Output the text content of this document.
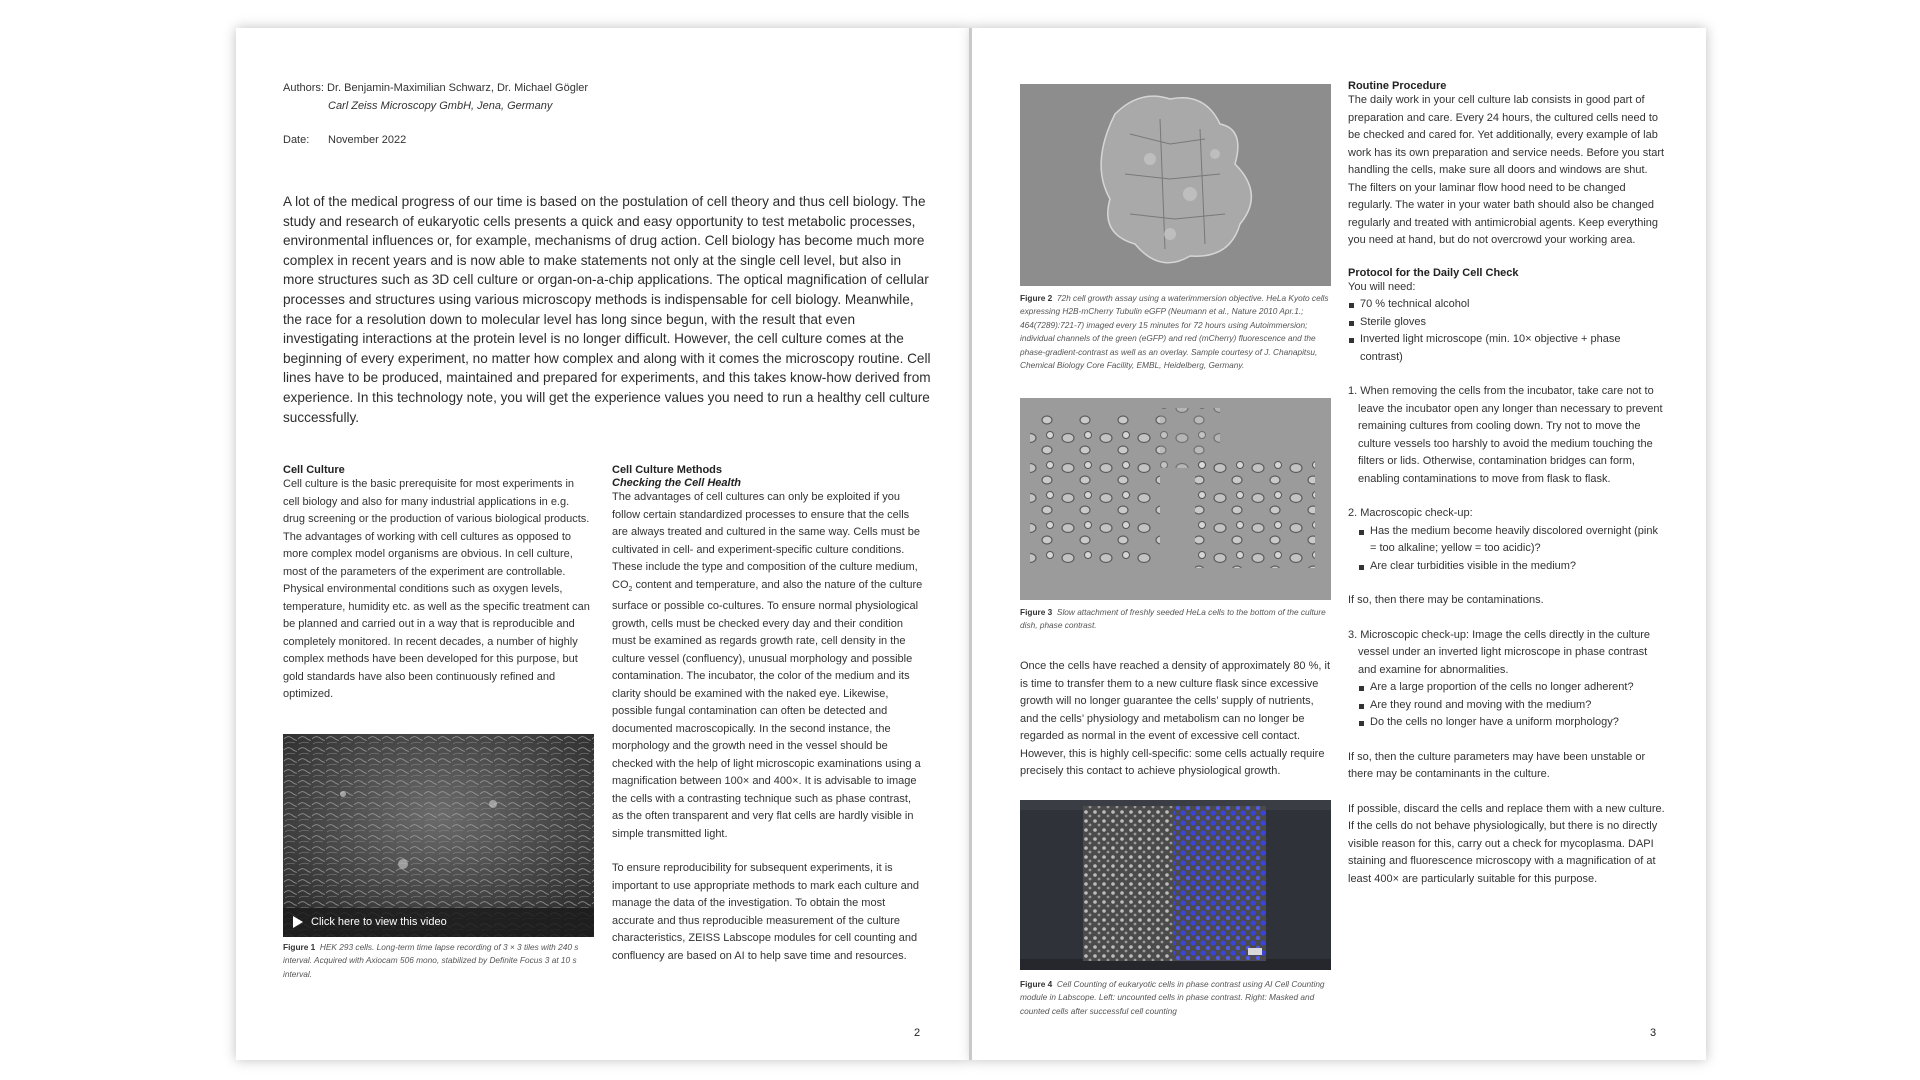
Authors: Dr. Benjamin-Maximilian Schwarz, Dr. Michael Gögler
Carl Zeiss Microscopy GmbH, Jena, Germany
Date: November 2022

A lot of the medical progress of our time is based on the postulation of cell theory and thus cell biology. The study and research of eukaryotic cells presents a quick and easy opportunity to test metabolic processes, environmental influences or, for example, mechanisms of drug action. Cell biology has become much more complex in recent years and is now able to make statements not only at the single cell level, but also in more structures such as 3D cell culture or organ-on-a-chip applications. The optical magnification of cellular processes and structures using various microscopy methods is indispensable for cell biology. Meanwhile, the race for a resolution down to molecular level has long since begun, with the result that even investigating interactions at the protein level is no longer difficult. However, the cell culture comes at the beginning of every experiment, no matter how complex and along with it comes the microscopy routine. Cell lines have to be produced, maintained and prepared for experiments, and this takes know-how derived from experience. In this technology note, you will get the experience values you need to run a healthy cell culture successfully.

Cell Culture

Cell culture is the basic prerequisite for most experiments in cell biology and also for many industrial applications in e.g. drug screening or the production of various biological products. The advantages of working with cell cultures as opposed to more complex model organisms are obvious. In cell culture, most of the parameters of the experiment are controllable. Physical environmental conditions such as oxygen levels, temperature, humidity etc. as well as the specific treatment can be planned and carried out in a way that is reproducible and completely monitored. In recent decades, a number of highly complex methods have been developed for this purpose, but gold standards have also been continuously refined and optimized.

Click here to view this video

Figure 1 HEK 293 cells. Long-term time lapse recording of 3 × 3 tiles with 240 s interval. Acquired with Axiocam 506 mono, stabilized by Definite Focus 3 at 10 s interval.

Cell Culture Methods
Checking the Cell Health

The advantages of cell cultures can only be exploited if you follow certain standardized processes to ensure that the cells are always treated and cultured in the same way. Cells must be cultivated in cell- and experiment-specific culture conditions. These include the type and composition of the culture medium, $CO_2$ content and temperature, and also the nature of the culture surface or possible co-cultures. To ensure normal physiological growth, cells must be checked every day and their condition must be examined as regards growth rate, cell density in the culture vessel (confluency), unusual morphology and possible contamination. The incubator, the color of the medium and its clarity should be examined with the naked eye. Likewise, possible fungal contamination can often be detected and documented macroscopically. In the second instance, the morphology and the growth need in the vessel should be checked with the help of light microscopic examinations using a magnification between 100× and 400×. It is advisable to image the cells with a contrasting technique such as phase contrast, as the often transparent and very flat cells are hardly visible in simple transmitted light.

To ensure reproducibility for subsequent experiments, it is important to use appropriate methods to mark each culture and manage the data of the investigation. To obtain the most accurate and thus reproducible measurement of the culture characteristics, ZEISS Labscope modules for cell counting and confluency are based on AI to help save time and resources.

2

Figure 2 72h cell growth assay using a waterimmersion objective. HeLa Kyoto cells expressing H2B-mCherry Tubulin eGFP (Neumann et al., Nature 2010 Apr.1.; 464(7289):721-7) imaged every 15 minutes for 72 hours using Autoimmersion; individual channels of the green (eGFP) and red (mCherry) fluorescence and the phase-gradient-contrast as well as an overlay. Sample courtesy of J. Chanapitsu, Chemical Biology Core Facility, EMBL, Heidelberg, Germany.

Figure 3 Slow attachment of freshly seeded HeLa cells to the bottom of the culture dish, phase contrast.

Once the cells have reached a density of approximately 80 %, it is time to transfer them to a new culture flask since excessive growth will no longer guarantee the cells’ supply of nutrients, and the cells’ physiology and metabolism can no longer be regarded as normal in the event of excessive cell contact. However, this is highly cell-specific: some cells actually require precisely this contact to achieve physiological growth.

Figure 4 Cell Counting of eukaryotic cells in phase contrast using AI Cell Counting module in Labscope. Left: uncounted cells in phase contrast. Right: Masked and counted cells after successful cell counting

Routine Procedure

The daily work in your cell culture lab consists in good part of preparation and care. Every 24 hours, the cultured cells need to be checked and cared for. Yet additionally, every example of lab work has its own preparation and service needs. Before you start handling the cells, make sure all doors and windows are shut. The filters on your laminar flow hood need to be changed regularly. The water in your water bath should also be changed regularly and treated with antimicrobial agents. Keep everything you need at hand, but do not overcrowd your working area.

Protocol for the Daily Cell Check
You will need:
70 % technical alcohol
Sterile gloves
Inverted light microscope (min. 10× objective + phase contrast)

1. When removing the cells from the incubator, take care not to leave the incubator open any longer than necessary to prevent remaining cultures from cooling down. Try not to move the culture vessels too harshly to avoid the medium touching the filters or lids. Otherwise, contamination bridges can form, enabling contaminations to move from flask to flask.

2. Macroscopic check-up:

Has the medium become heavily discolored overnight (pink = too alkaline; yellow = too acidic)?
Are clear turbidities visible in the medium?

If so, then there may be contaminations.

3. Microscopic check-up: Image the cells directly in the culture vessel under an inverted light microscope in phase contrast and examine for abnormalities.

Are a large proportion of the cells no longer adherent?
Are they round and moving with the medium?
Do the cells no longer have a uniform morphology?

If so, then the culture parameters may have been unstable or there may be contaminants in the culture.

If possible, discard the cells and replace them with a new culture. If the cells do not behave physiologically, but there is no directly visible reason for this, carry out a check for mycoplasma. DAPI staining and fluorescence microscopy with a magnification of at least 400× are particularly suitable for this purpose.

3
